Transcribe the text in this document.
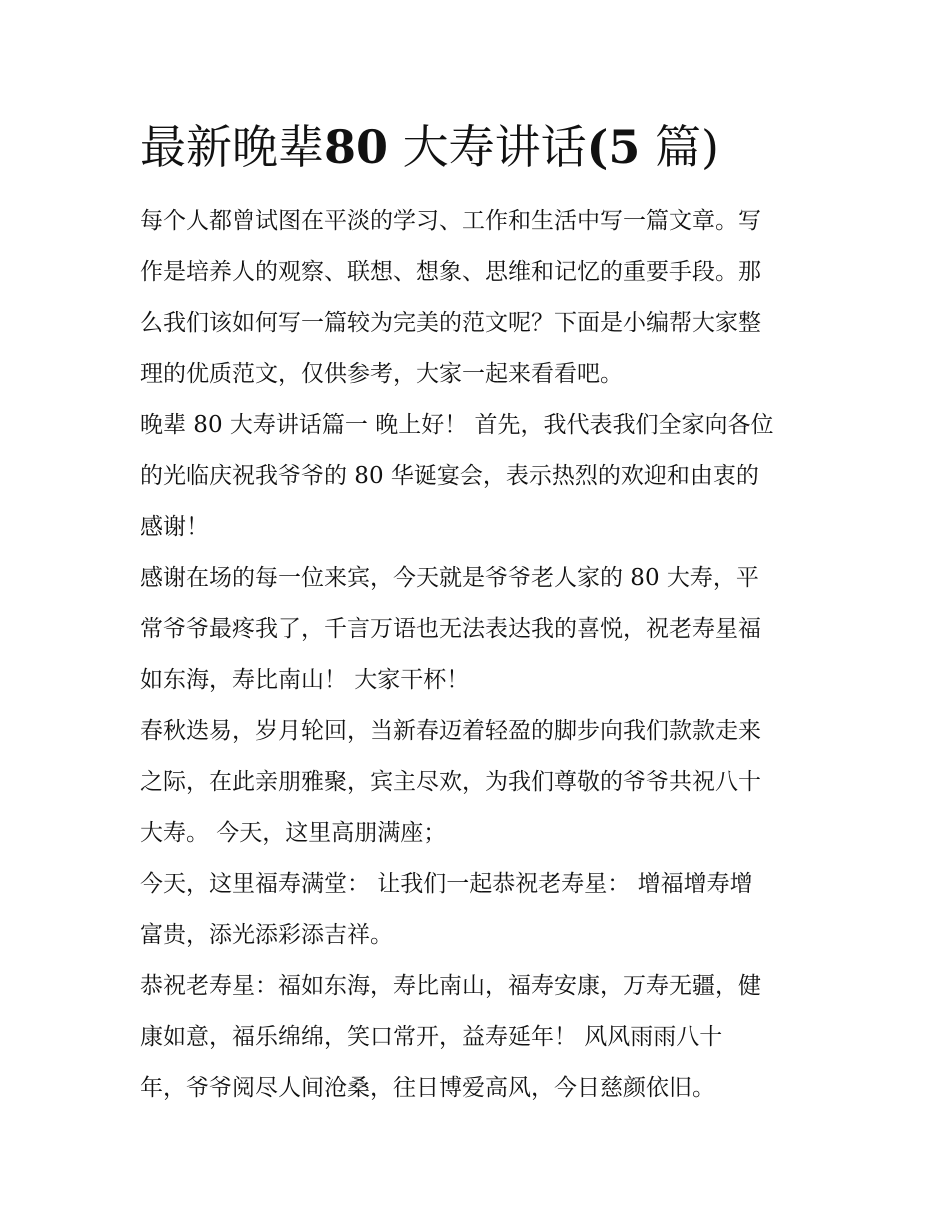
最新晚辈80 大寿讲话(5 篇)

每个人都曾试图在平淡的学习、工作和生活中写一篇文章。写
作是培养人的观察、联想、想象、思维和记忆的重要手段。那
么我们该如何写一篇较为完美的范文呢？下面是小编帮大家整
理的优质范文，仅供参考，大家一起来看看吧。

晚辈 80 大寿讲话篇一 晚上好！ 首先，我代表我们全家向各位
的光临庆祝我爷爷的 80 华诞宴会，表示热烈的欢迎和由衷的
感谢！

感谢在场的每一位来宾，今天就是爷爷老人家的 80 大寿，平
常爷爷最疼我了，千言万语也无法表达我的喜悦，祝老寿星福
如东海，寿比南山！ 大家干杯！

春秋迭易，岁月轮回，当新春迈着轻盈的脚步向我们款款走来
之际，在此亲朋雅聚，宾主尽欢，为我们尊敬的爷爷共祝八十
大寿。 今天，这里高朋满座；

今天，这里福寿满堂： 让我们一起恭祝老寿星： 增福增寿增
富贵，添光添彩添吉祥。

恭祝老寿星：福如东海，寿比南山，福寿安康，万寿无疆，健
康如意，福乐绵绵，笑口常开，益寿延年！ 风风雨雨八十
年，爷爷阅尽人间沧桑，往日博爱高风，今日慈颜依旧。
